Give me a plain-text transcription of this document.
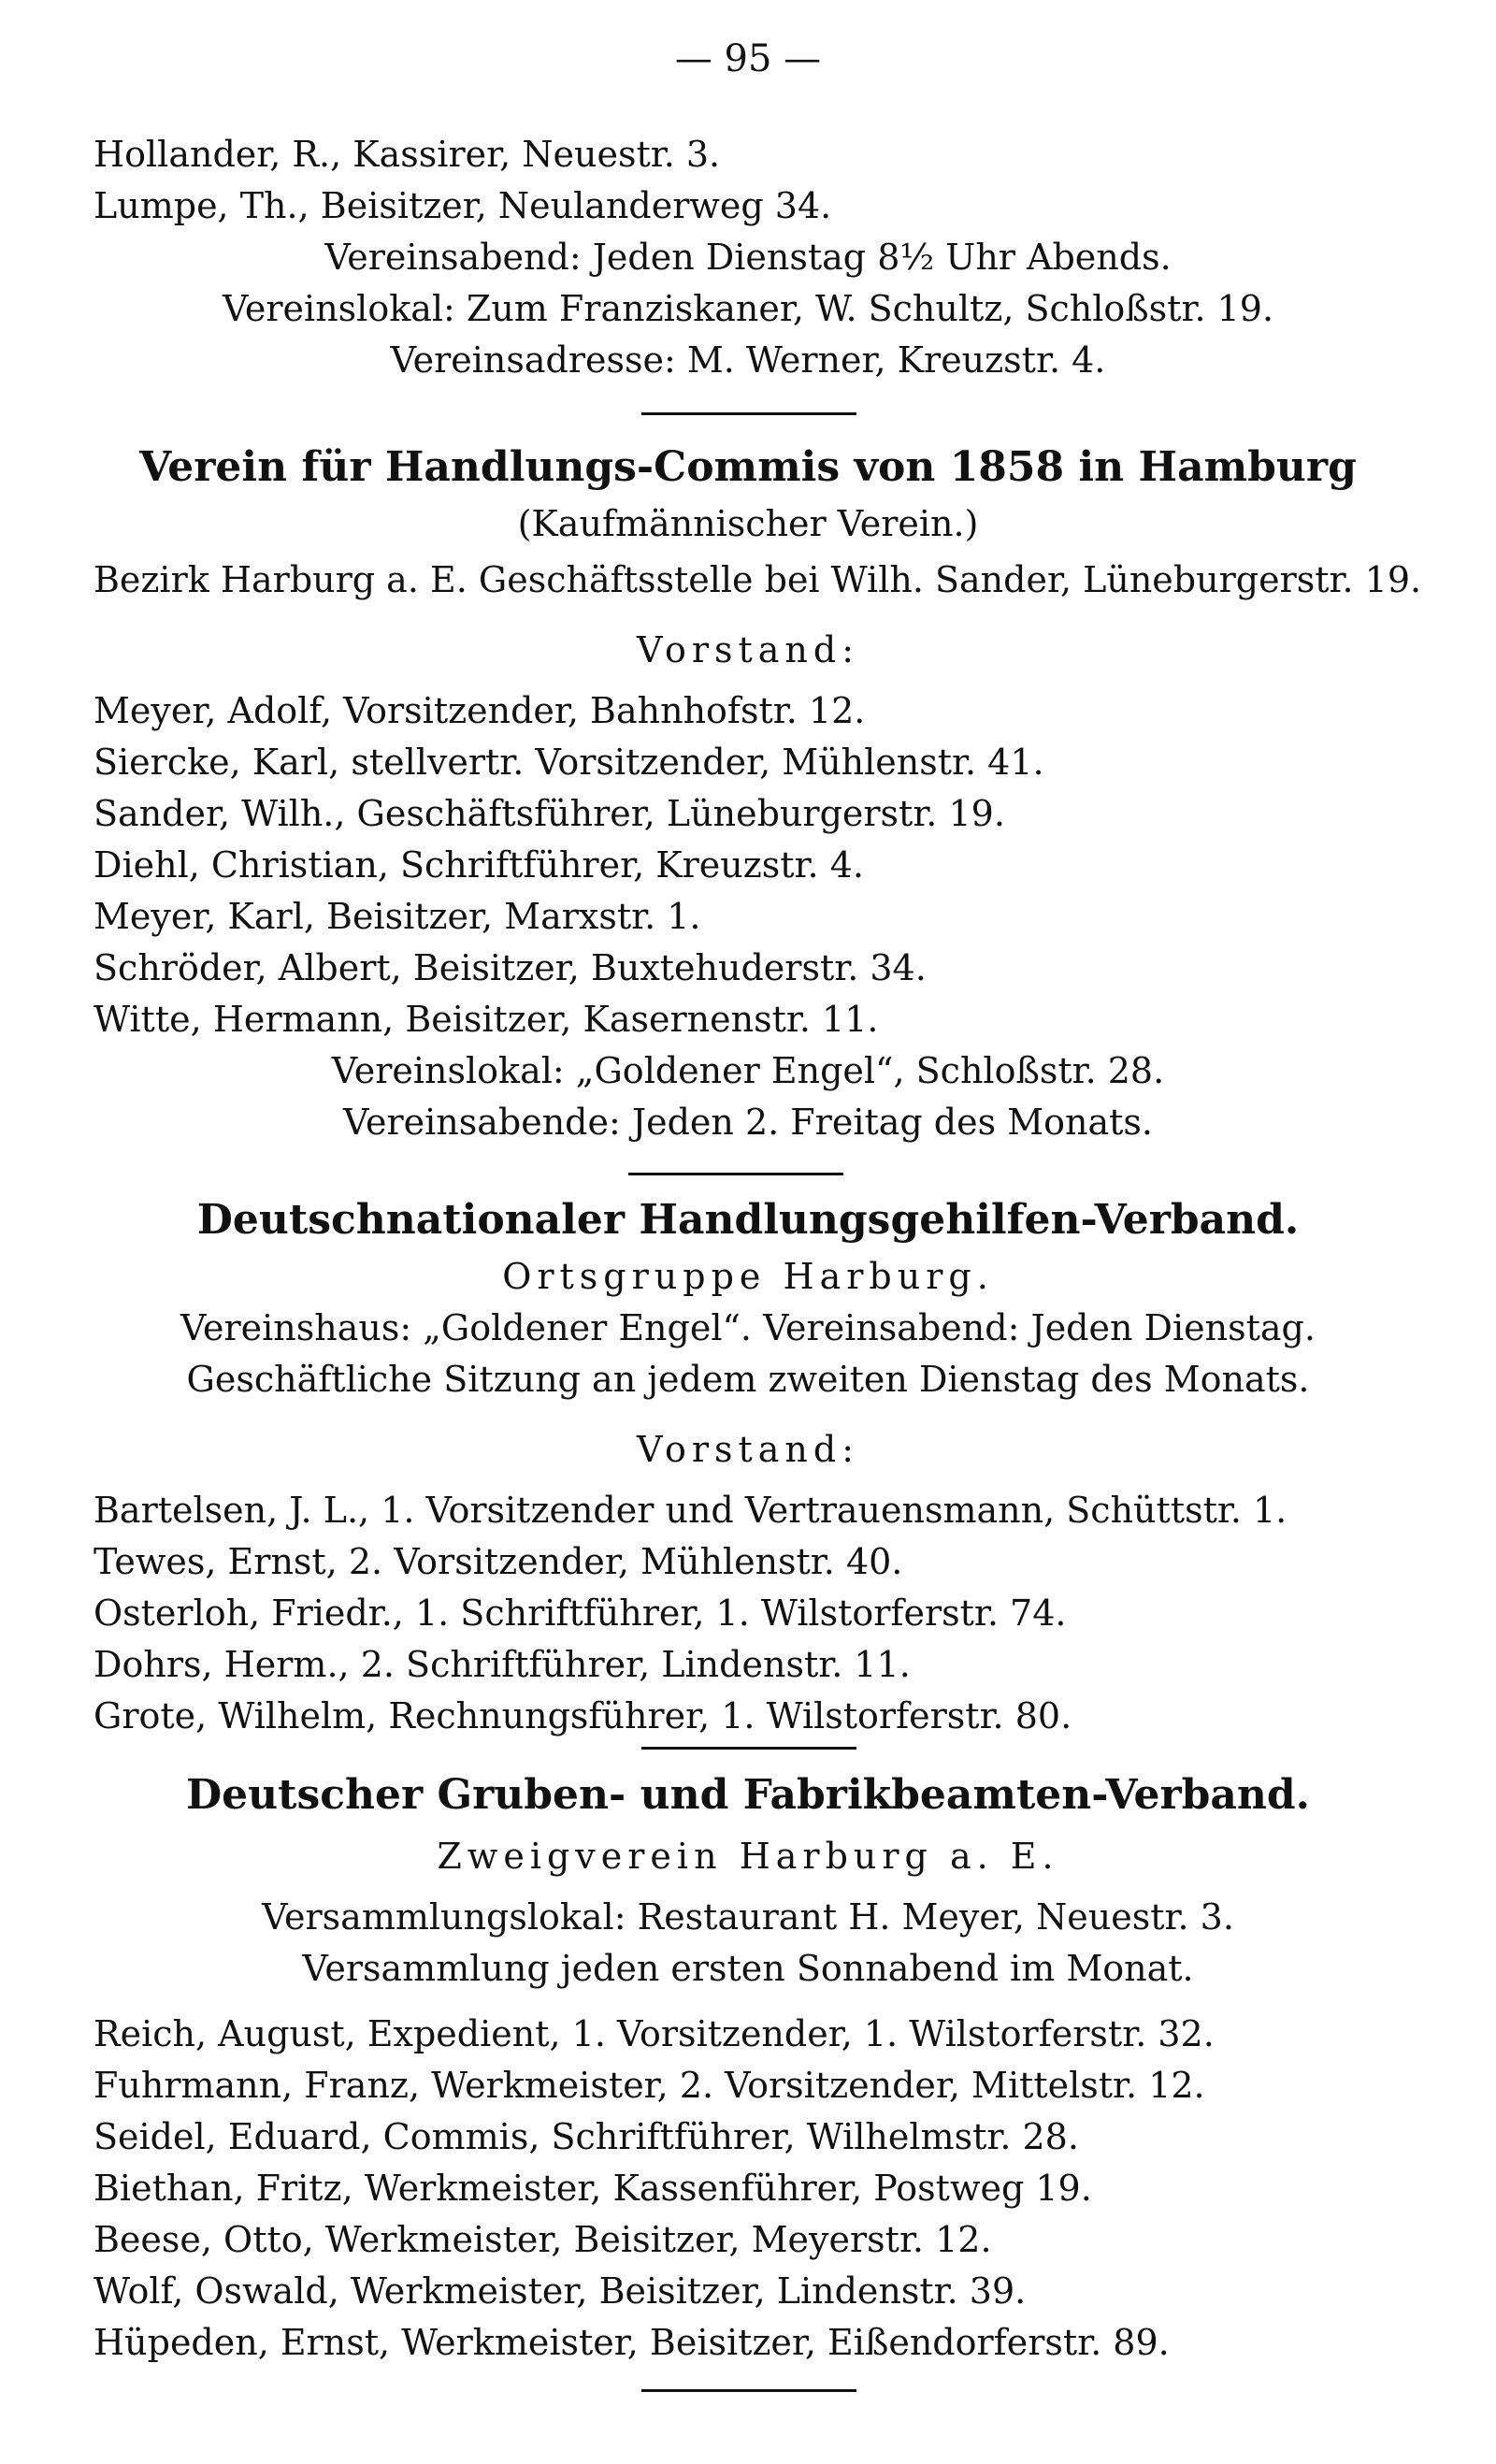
— 95 —
Hollander, R., Kassirer, Neuestr. 3.
Lumpe, Th., Beisitzer, Neulanderweg 34.
Vereinsabend: Jeden Dienstag 8½ Uhr Abends.
Vereinslokal: Zum Franziskaner, W. Schultz, Schloßstr. 19.
Vereinsadresse: M. Werner, Kreuzstr. 4.
Verein für Handlungs-Commis von 1858 in Hamburg
(Kaufmännischer Verein.)
Bezirk Harburg a. E. Geschäftsstelle bei Wilh. Sander, Lüneburgerstr. 19.
Vorstand:
Meyer, Adolf, Vorsitzender, Bahnhofstr. 12.
Siercke, Karl, stellvertr. Vorsitzender, Mühlenstr. 41.
Sander, Wilh., Geschäftsführer, Lüneburgerstr. 19.
Diehl, Christian, Schriftführer, Kreuzstr. 4.
Meyer, Karl, Beisitzer, Marxstr. 1.
Schröder, Albert, Beisitzer, Buxtehuderstr. 34.
Witte, Hermann, Beisitzer, Kasernenstr. 11.
Vereinslokal: „Goldener Engel“, Schloßstr. 28.
Vereinsabende: Jeden 2. Freitag des Monats.
Deutschnationaler Handlungsgehilfen-Verband.
Ortsgruppe Harburg.
Vereinshaus: „Goldener Engel“. Vereinsabend: Jeden Dienstag.
Geschäftliche Sitzung an jedem zweiten Dienstag des Monats.
Vorstand:
Bartelsen, J. L., 1. Vorsitzender und Vertrauensmann, Schüttstr. 1.
Tewes, Ernst, 2. Vorsitzender, Mühlenstr. 40.
Osterloh, Friedr., 1. Schriftführer, 1. Wilstorferstr. 74.
Dohrs, Herm., 2. Schriftführer, Lindenstr. 11.
Grote, Wilhelm, Rechnungsführer, 1. Wilstorferstr. 80.
Deutscher Gruben- und Fabrikbeamten-Verband.
Zweigverein Harburg a. E.
Versammlungslokal: Restaurant H. Meyer, Neuestr. 3.
Versammlung jeden ersten Sonnabend im Monat.
Reich, August, Expedient, 1. Vorsitzender, 1. Wilstorferstr. 32.
Fuhrmann, Franz, Werkmeister, 2. Vorsitzender, Mittelstr. 12.
Seidel, Eduard, Commis, Schriftführer, Wilhelmstr. 28.
Biethan, Fritz, Werkmeister, Kassenführer, Postweg 19.
Beese, Otto, Werkmeister, Beisitzer, Meyerstr. 12.
Wolf, Oswald, Werkmeister, Beisitzer, Lindenstr. 39.
Hüpeden, Ernst, Werkmeister, Beisitzer, Eißendorferstr. 89.
